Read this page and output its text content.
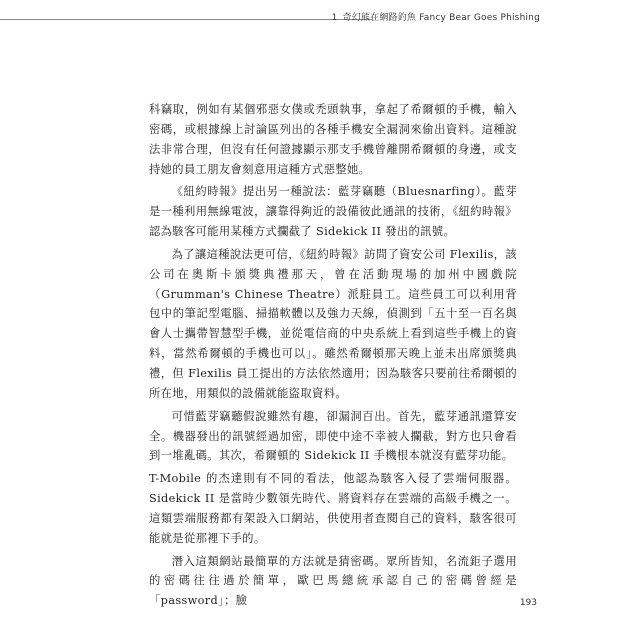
1 奇幻熊在網路釣魚 Fancy Bear Goes Phishing

科竊取，例如有某個邪惡女僕或禿頭執事，拿起了希爾頓的手機，輸入密碼，或根據線上討論區列出的各種手機安全漏洞來偷出資料。這種說法非常合理，但沒有任何證據顯示那支手機曾離開希爾頓的身邊，或支持她的員工朋友會刻意用這種方式惡整她。

《紐約時報》提出另一種說法：藍芽竊聽（Bluesnarfing）。藍芽是一種利用無線電波，讓靠得夠近的設備彼此通訊的技術，《紐約時報》認為駭客可能用某種方式攔截了 Sidekick II 發出的訊號。

為了讓這種說法更可信，《紐約時報》訪問了資安公司 Flexilis，該公司在奧斯卡頒獎典禮那天，曾在活動現場的加州中國戲院（Grumman's Chinese Theatre）派駐員工。這些員工可以利用背包中的筆記型電腦、掃描軟體以及強力天線，偵測到「五十至一百名與會人士攜帶智慧型手機，並從電信商的中央系統上看到這些手機上的資料，當然希爾頓的手機也可以」。雖然希爾頓那天晚上並未出席頒獎典禮，但 Flexilis 員工提出的方法依然適用；因為駭客只要前往希爾頓的所在地，用類似的設備就能盜取資料。

可惜藍芽竊聽假說雖然有趣，卻漏洞百出。首先，藍芽通訊還算安全。機器發出的訊號經過加密，即使中途不幸被人攔截，對方也只會看到一堆亂碼。其次，希爾頓的 Sidekick II 手機根本就沒有藍芽功能。

T-Mobile 的杰達則有不同的看法，他認為駭客入侵了雲端伺服器。Sidekick II 是當時少數領先時代、將資料存在雲端的高級手機之一。這類雲端服務都有架設入口網站，供使用者查閱自己的資料，駭客很可能就是從那裡下手的。

潛入這類網站最簡單的方法就是猜密碼。眾所皆知，名流鉅子選用的密碼往往過於簡單，歐巴馬總統承認自己的密碼曾經是「password」；臉	193
